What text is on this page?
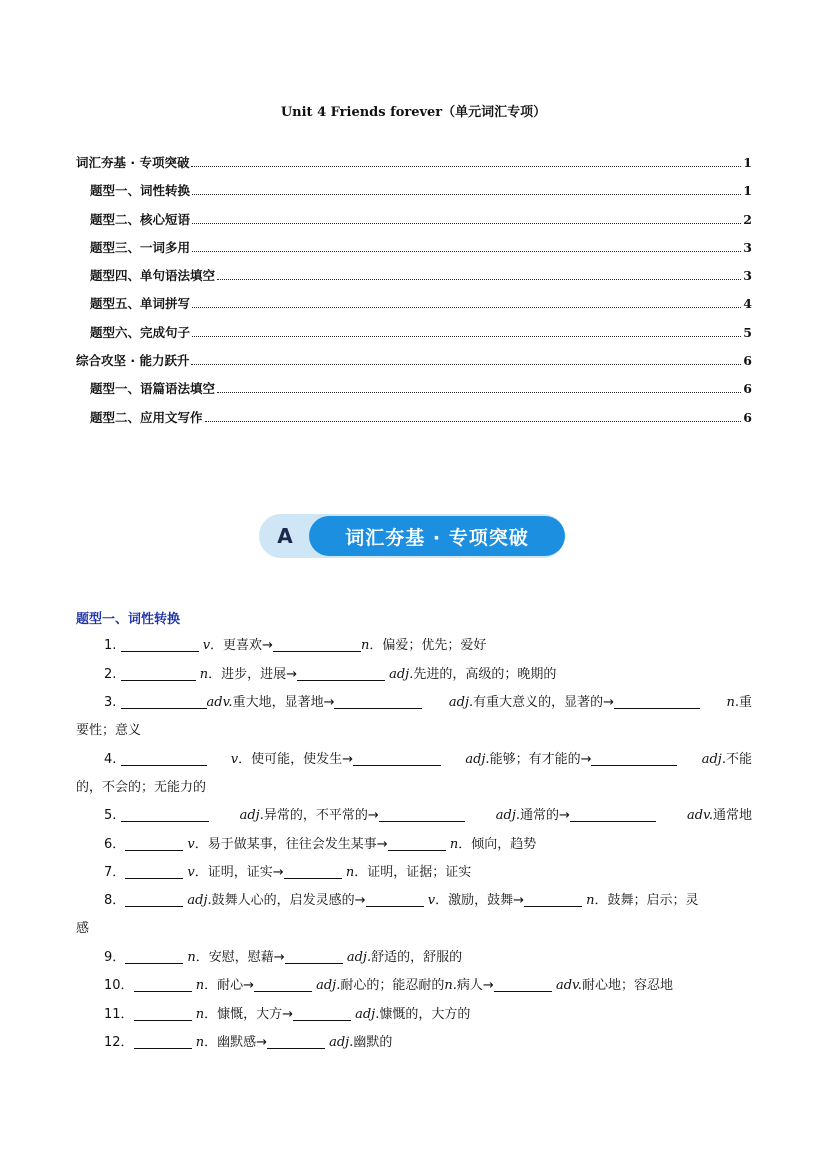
Unit 4 Friends forever（单元词汇专项）
词汇夯基 · 专项突破	1
题型一、词性转换	1
题型二、核心短语	2
题型三、一词多用	3
题型四、单句语法填空	3
题型五、单词拼写	4
题型六、完成句子	5
综合攻坚 · 能力跃升	6
题型一、语篇语法填空	6
题型二、应用文写作	6
词汇夯基 · 专项突破
A
题型一、词性转换
1.	v．更喜欢→	n．偏爱；优先；爱好
2.	n．进步，进展→	adj.先进的，高级的；晚期的
3.	adv.重大地，显著地→	adj.有重大意义的，显著的→	n.重
要性；意义
4.	v．使可能，使发生→	adj.能够；有才能的→	adj.不能
的，不会的；无能力的
5.	adj.异常的，不平常的→	adj.通常的→	adv.通常地
6．	v．易于做某事，往往会发生某事→	n．倾向，趋势
7．	v．证明，证实→	n．证明，证据；证实
8．	adj.鼓舞人心的，启发灵感的→	v．激励，鼓舞→	n．鼓舞；启示；灵
感
9．	n．安慰，慰藉→	adj.舒适的，舒服的
10．	n．耐心→	adj.耐心的；能忍耐的n.病人→	adv.耐心地；容忍地
11．	n．慷慨，大方→	adj.慷慨的，大方的
12．	n．幽默感→	adj.幽默的
